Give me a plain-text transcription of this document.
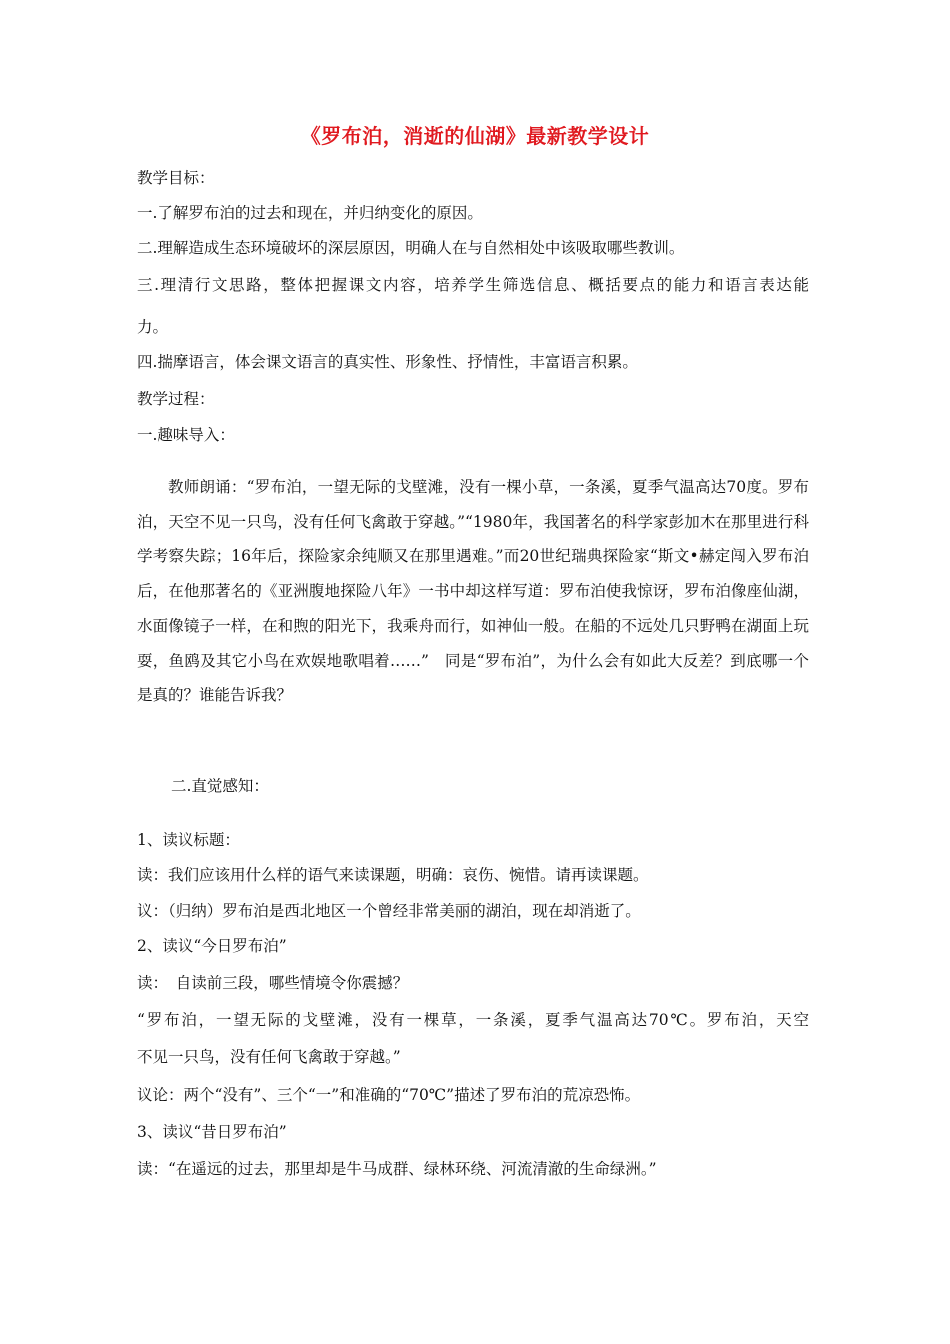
《罗布泊，消逝的仙湖》最新教学设计
教学目标：
一.了解罗布泊的过去和现在，并归纳变化的原因。
二.理解造成生态环境破坏的深层原因，明确人在与自然相处中该吸取哪些教训。
三.理清行文思路，整体把握课文内容，培养学生筛选信息、概括要点的能力和语言表达能
力。
四.揣摩语言，体会课文语言的真实性、形象性、抒情性，丰富语言积累。
教学过程：
一.趣味导入：
教师朗诵：“罗布泊，一望无际的戈壁滩，没有一棵小草，一条溪，夏季气温高达70度。罗布泊，天空不见一只鸟，没有任何飞禽敢于穿越。”“1980年，我国著名的科学家彭加木在那里进行科学考察失踪；16年后，探险家余纯顺又在那里遇难。”而20世纪瑞典探险家“斯文•赫定闯入罗布泊后，在他那著名的《亚洲腹地探险八年》一书中却这样写道：罗布泊使我惊讶，罗布泊像座仙湖，水面像镜子一样，在和煦的阳光下，我乘舟而行，如神仙一般。在船的不远处几只野鸭在湖面上玩耍，鱼鸥及其它小鸟在欢娱地歌唱着……”　同是“罗布泊”，为什么会有如此大反差？到底哪一个是真的？谁能告诉我？
二.直觉感知：
1、读议标题：
读：我们应该用什么样的语气来读课题，明确：哀伤、惋惜。请再读课题。
议：（归纳）罗布泊是西北地区一个曾经非常美丽的湖泊，现在却消逝了。
2、读议“今日罗布泊”
读：　自读前三段，哪些情境令你震撼？
“罗布泊，一望无际的戈壁滩，没有一棵草，一条溪，夏季气温高达70℃。罗布泊，天空
不见一只鸟，没有任何飞禽敢于穿越。”
议论：两个“没有”、三个“一”和准确的“70℃”描述了罗布泊的荒凉恐怖。
3、读议“昔日罗布泊”
读：“在遥远的过去，那里却是牛马成群、绿林环绕、河流清澈的生命绿洲。”
